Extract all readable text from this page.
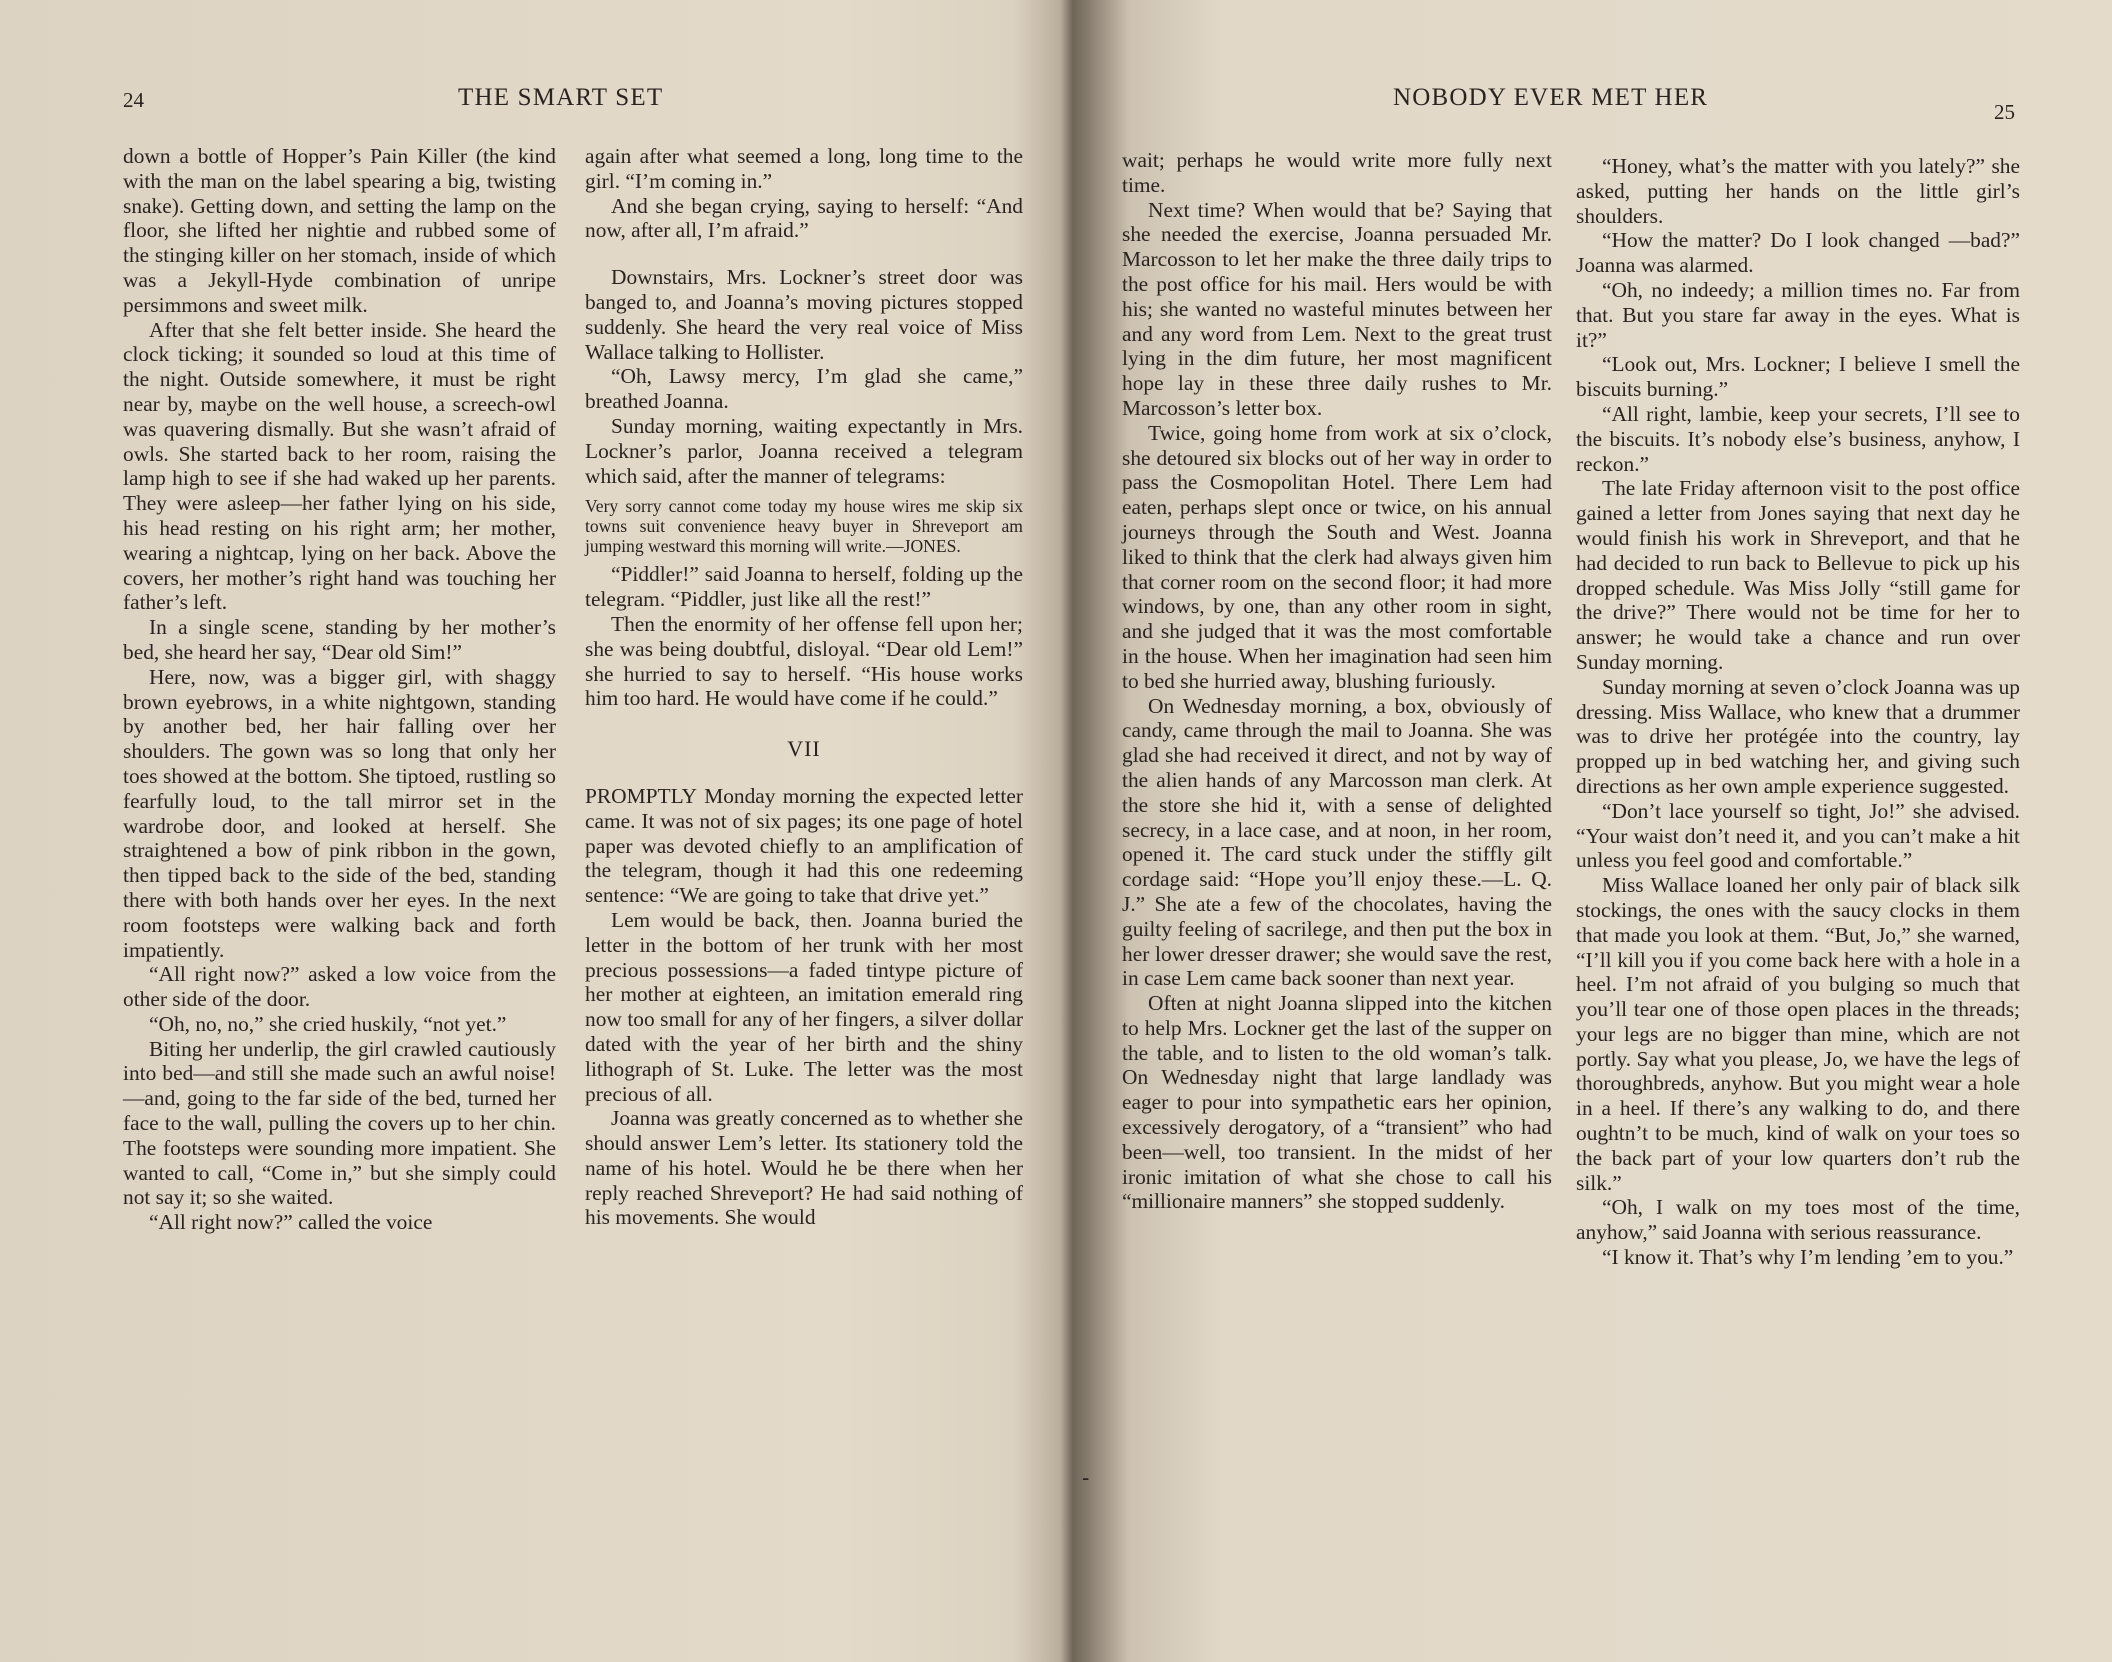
24	THE SMART SET

down a bottle of Hopper’s Pain Killer (the kind with the man on the label spearing a big, twisting snake). Getting down, and setting the lamp on the floor, she lifted her nightie and rubbed some of the stinging killer on her stomach, inside of which was a Jekyll-Hyde combination of unripe persimmons and sweet milk.

After that she felt better inside. She heard the clock ticking; it sounded so loud at this time of the night. Outside somewhere, it must be right near by, maybe on the well house, a screech-owl was quavering dismally. But she wasn’t afraid of owls. She started back to her room, raising the lamp high to see if she had waked up her parents. They were asleep—her father lying on his side, his head resting on his right arm; her mother, wearing a nightcap, lying on her back. Above the covers, her mother’s right hand was touching her father’s left.

In a single scene, standing by her mother’s bed, she heard her say, “Dear old Sim!”

Here, now, was a bigger girl, with shaggy brown eyebrows, in a white nightgown, standing by another bed, her hair falling over her shoulders. The gown was so long that only her toes showed at the bottom. She tiptoed, rustling so fearfully loud, to the tall mirror set in the wardrobe door, and looked at herself. She straightened a bow of pink ribbon in the gown, then tipped back to the side of the bed, standing there with both hands over her eyes. In the next room footsteps were walking back and forth impatiently.

“All right now?” asked a low voice from the other side of the door.

“Oh, no, no,” she cried huskily, “not yet.”

Biting her underlip, the girl crawled cautiously into bed—and still she made such an awful noise!—and, going to the far side of the bed, turned her face to the wall, pulling the covers up to her chin. The footsteps were sounding more impatient. She wanted to call, “Come in,” but she simply could not say it; so she waited.

“All right now?” called the voice

again after what seemed a long, long time to the girl. “I’m coming in.”

And she began crying, saying to herself: “And now, after all, I’m afraid.”

Downstairs, Mrs. Lockner’s street door was banged to, and Joanna’s moving pictures stopped suddenly. She heard the very real voice of Miss Wallace talking to Hollister.

“Oh, Lawsy mercy, I’m glad she came,” breathed Joanna.

Sunday morning, waiting expectantly in Mrs. Lockner’s parlor, Joanna received a telegram which said, after the manner of telegrams:

Very sorry cannot come today my house wires me skip six towns suit convenience heavy buyer in Shreveport am jumping westward this morning will write.—JONES.

“Piddler!” said Joanna to herself, folding up the telegram. “Piddler, just like all the rest!”

Then the enormity of her offense fell upon her; she was being doubtful, disloyal. “Dear old Lem!” she hurried to say to herself. “His house works him too hard. He would have come if he could.”

VII

PROMPTLY Monday morning the expected letter came. It was not of six pages; its one page of hotel paper was devoted chiefly to an amplification of the telegram, though it had this one redeeming sentence: “We are going to take that drive yet.”

Lem would be back, then. Joanna buried the letter in the bottom of her trunk with her most precious possessions—a faded tintype picture of her mother at eighteen, an imitation emerald ring now too small for any of her fingers, a silver dollar dated with the year of her birth and the shiny lithograph of St. Luke. The letter was the most precious of all.

Joanna was greatly concerned as to whether she should answer Lem’s letter. Its stationery told the name of his hotel. Would he be there when her reply reached Shreveport? He had said nothing of his movements. She would

NOBODY EVER MET HER
25

wait; perhaps he would write more fully next time.

Next time? When would that be? Saying that she needed the exercise, Joanna persuaded Mr. Marcosson to let her make the three daily trips to the post office for his mail. Hers would be with his; she wanted no wasteful minutes between her and any word from Lem. Next to the great trust lying in the dim future, her most magnificent hope lay in these three daily rushes to Mr. Marcosson’s letter box.

Twice, going home from work at six o’clock, she detoured six blocks out of her way in order to pass the Cosmopolitan Hotel. There Lem had eaten, perhaps slept once or twice, on his annual journeys through the South and West. Joanna liked to think that the clerk had always given him that corner room on the second floor; it had more windows, by one, than any other room in sight, and she judged that it was the most comfortable in the house. When her imagination had seen him to bed she hurried away, blushing furiously.

On Wednesday morning, a box, obviously of candy, came through the mail to Joanna. She was glad she had received it direct, and not by way of the alien hands of any Marcosson man clerk. At the store she hid it, with a sense of delighted secrecy, in a lace case, and at noon, in her room, opened it. The card stuck under the stiffly gilt cordage said: “Hope you’ll enjoy these.—L. Q. J.” She ate a few of the chocolates, having the guilty feeling of sacrilege, and then put the box in her lower dresser drawer; she would save the rest, in case Lem came back sooner than next year.

Often at night Joanna slipped into the kitchen to help Mrs. Lockner get the last of the supper on the table, and to listen to the old woman’s talk. On Wednesday night that large landlady was eager to pour into sympathetic ears her opinion, excessively derogatory, of a “transient” who had been—well, too transient. In the midst of her ironic imitation of what she chose to call his “millionaire manners” she stopped suddenly.

“Honey, what’s the matter with you lately?” she asked, putting her hands on the little girl’s shoulders.

“How the matter? Do I look changed —bad?” Joanna was alarmed.

“Oh, no indeedy; a million times no. Far from that. But you stare far away in the eyes. What is it?”

“Look out, Mrs. Lockner; I believe I smell the biscuits burning.”

“All right, lambie, keep your secrets, I’ll see to the biscuits. It’s nobody else’s business, anyhow, I reckon.”

The late Friday afternoon visit to the post office gained a letter from Jones saying that next day he would finish his work in Shreveport, and that he had decided to run back to Bellevue to pick up his dropped schedule. Was Miss Jolly “still game for the drive?” There would not be time for her to answer; he would take a chance and run over Sunday morning.

Sunday morning at seven o’clock Joanna was up dressing. Miss Wallace, who knew that a drummer was to drive her protégée into the country, lay propped up in bed watching her, and giving such directions as her own ample experience suggested.

“Don’t lace yourself so tight, Jo!” she advised. “Your waist don’t need it, and you can’t make a hit unless you feel good and comfortable.”

Miss Wallace loaned her only pair of black silk stockings, the ones with the saucy clocks in them that made you look at them. “But, Jo,” she warned, “I’ll kill you if you come back here with a hole in a heel. I’m not afraid of you bulging so much that you’ll tear one of those open places in the threads; your legs are no bigger than mine, which are not portly. Say what you please, Jo, we have the legs of thoroughbreds, anyhow. But you might wear a hole in a heel. If there’s any walking to do, and there oughtn’t to be much, kind of walk on your toes so the back part of your low quarters don’t rub the silk.”

“Oh, I walk on my toes most of the time, anyhow,” said Joanna with serious reassurance.

“I know it. That’s why I’m lending ’em to you.”

-
